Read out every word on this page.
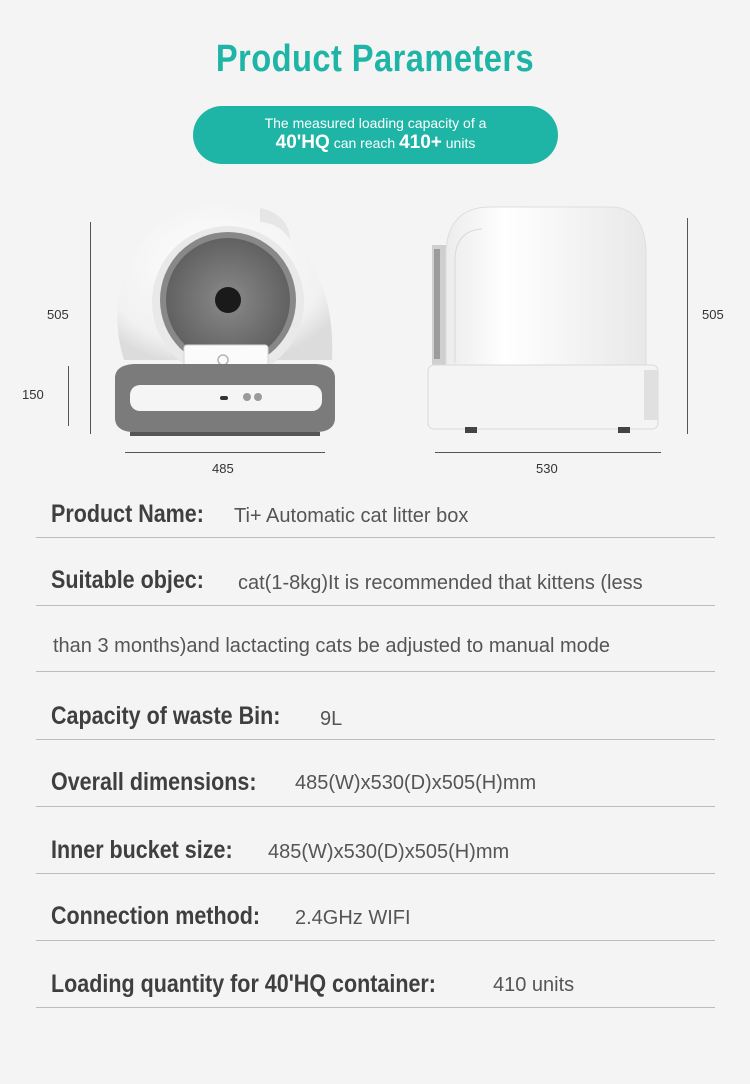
Product Parameters
The measured loading capacity of a
40'HQ can reach 410+ units
505
150
485
505
530
Product Name: Ti+ Automatic cat litter box
Suitable objec: cat(1-8kg)It is recommended that kittens (less
than 3 months)and lactacting cats be adjusted to manual mode
Capacity of waste Bin: 9L
Overall dimensions: 485(W)x530(D)x505(H)mm
Inner bucket size: 485(W)x530(D)x505(H)mm
Connection method: 2.4GHz WIFI
Loading quantity for 40'HQ container:	410 units
